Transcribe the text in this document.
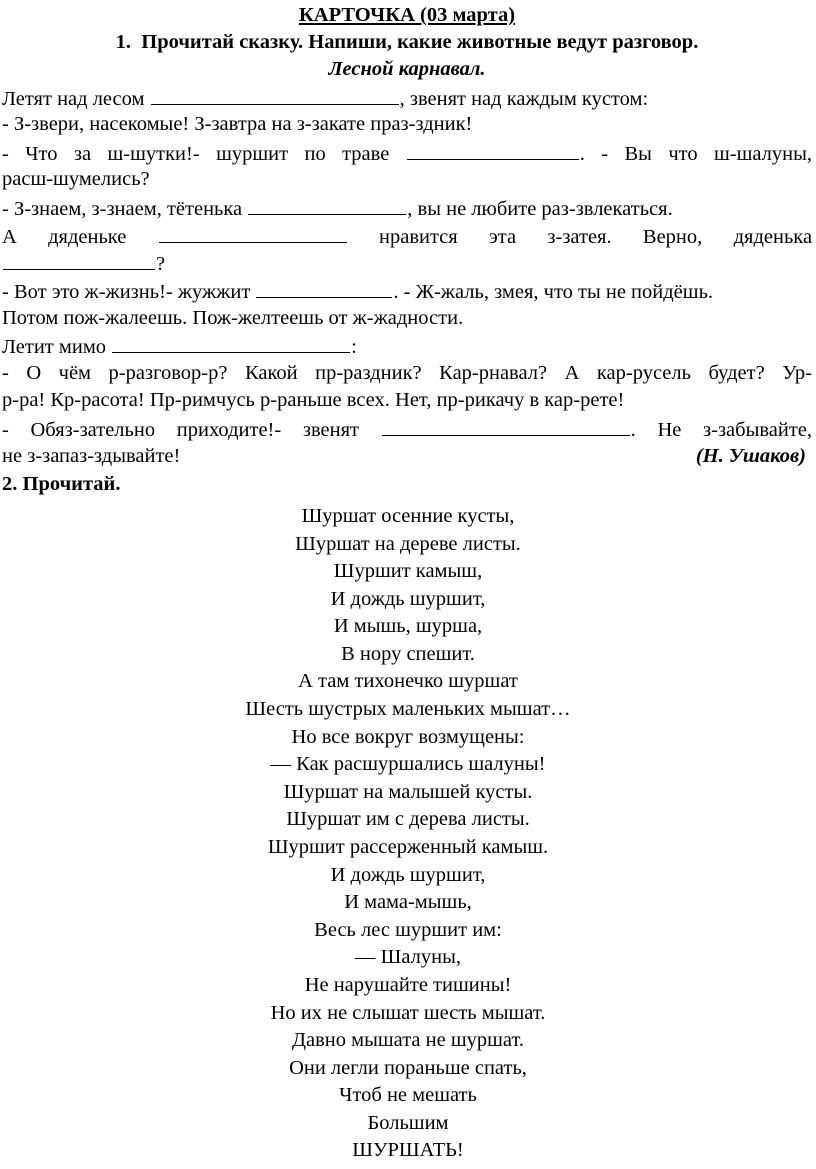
КАРТОЧКА (03 марта)
1. Прочитай сказку. Напиши, какие животные ведут разговор.
Лесной карнавал.
Летят над лесом	, звенят над каждым кустом:
- З-звери, насекомые! З-завтра на з-закате праз-здник!
- Что за ш-шутки!- шуршит по траве	. - Вы что ш-шалуны,
расш-шумелись?
- З-знаем, з-знаем, тётенька	, вы не любите раз-звлекаться.
А дяденьке	нравится эта з-затея. Верно, дяденька
?
- Вот это ж-жизнь!- жужжит	. - Ж-жаль, змея, что ты не пойдёшь.
Потом пож-жалеешь. Пож-желтеешь от ж-жадности.
Летит мимо	:
- О чём р-разговор-р? Какой пр-раздник? Кар-рнавал? А кар-русель будет? Ур-
р-ра! Кр-расота! Пр-римчусь р-раньше всех. Нет, пр-рикачу в кар-рете!
- Обяз-зательно приходите!- звенят	. Не з-забывайте,
не з-запаз-здывайте!	(Н. Ушаков)
2. Прочитай.
Шуршат осенние кусты,
Шуршат на дереве листы.
Шуршит камыш,
И дождь шуршит,
И мышь, шурша,
В нору спешит.
А там тихонечко шуршат
Шесть шустрых маленьких мышат…
Но все вокруг возмущены:
— Как расшуршались шалуны!
Шуршат на малышей кусты.
Шуршат им с дерева листы.
Шуршит рассерженный камыш.
И дождь шуршит,
И мама-мышь,
Весь лес шуршит им:
— Шалуны,
Не нарушайте тишины!
Но их не слышат шесть мышат.
Давно мышата не шуршат.
Они легли пораньше спать,
Чтоб не мешать
Большим
ШУРШАТЬ!
